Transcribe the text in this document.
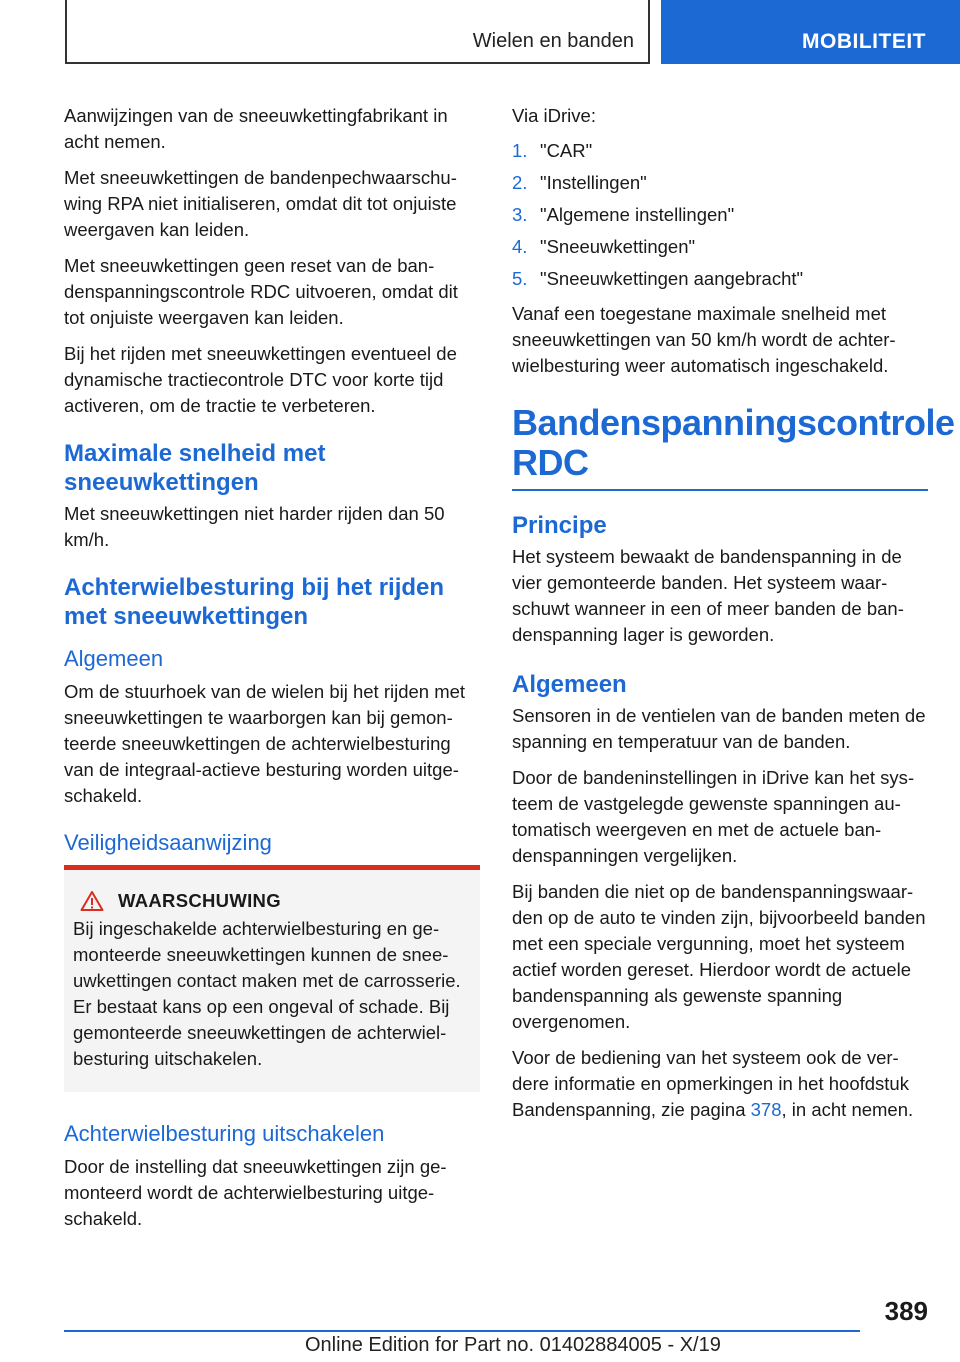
Wielen en banden	MOBILITEIT

Aanwijzingen van de sneeuwkettingfabrikant in acht nemen.

Met sneeuwkettingen de bandenpechwaarschuwing RPA niet initialiseren, omdat dit tot onjuiste weergaven kan leiden.

Met sneeuwkettingen geen reset van de bandenspanningscontrole RDC uitvoeren, omdat dit tot onjuiste weergaven kan leiden.

Bij het rijden met sneeuwkettingen eventueel de dynamische tractiecontrole DTC voor korte tijd activeren, om de tractie te verbeteren.

Maximale snelheid met sneeuwkettingen

Met sneeuwkettingen niet harder rijden dan 50 km/h.

Achterwielbesturing bij het rijden met sneeuwkettingen
Algemeen

Om de stuurhoek van de wielen bij het rijden met sneeuwkettingen te waarborgen kan bij gemonteerde sneeuwkettingen de achterwielbesturing van de integraal-actieve besturing worden uitgeschakeld.

Veiligheidsaanwijzing
WAARSCHUWING

Bij ingeschakelde achterwielbesturing en gemonteerde sneeuwkettingen kunnen de sneeuwkettingen contact maken met de carrosserie. Er bestaat kans op een ongeval of schade. Bij gemonteerde sneeuwkettingen de achterwielbesturing uitschakelen.

Achterwielbesturing uitschakelen

Door de instelling dat sneeuwkettingen zijn gemonteerd wordt de achterwielbesturing uitgeschakeld.

Via iDrive:

1. "CAR"
2. "Instellingen"
3. "Algemene instellingen"
4. "Sneeuwkettingen"
5. "Sneeuwkettingen aangebracht"

Vanaf een toegestane maximale snelheid met sneeuwkettingen van 50 km/h wordt de achterwielbesturing weer automatisch ingeschakeld.

Bandenspanningscontrole RDC
Principe

Het systeem bewaakt de bandenspanning in de vier gemonteerde banden. Het systeem waarschuwt wanneer in een of meer banden de bandenspanning lager is geworden.

Algemeen

Sensoren in de ventielen van de banden meten de spanning en temperatuur van de banden.

Door de bandeninstellingen in iDrive kan het systeem de vastgelegde gewenste spanningen automatisch weergeven en met de actuele bandenspanningen vergelijken.

Bij banden die niet op de bandenspanningswaarden op de auto te vinden zijn, bijvoorbeeld banden met een speciale vergunning, moet het systeem actief worden gereset. Hierdoor wordt de actuele bandenspanning als gewenste spanning overgenomen.

Voor de bediening van het systeem ook de verdere informatie en opmerkingen in het hoofdstuk Bandenspanning, zie pagina 378, in acht nemen.

389
Online Edition for Part no. 01402884005 - X/19
